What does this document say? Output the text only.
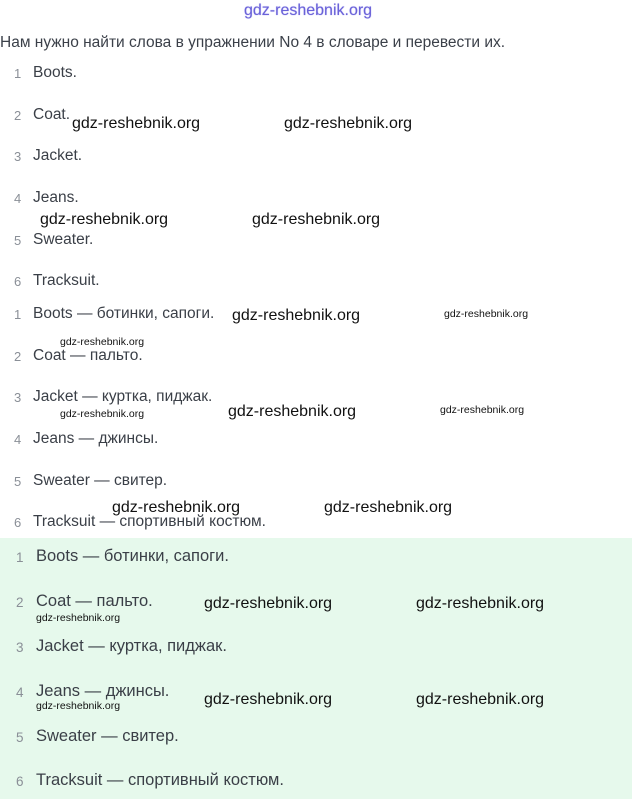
gdz-reshebnik.org
Нам нужно найти слова в упражнении No 4 в словаре и перевести их.
1 Boots.
2 Coat.
3 Jacket.
4 Jeans.
5 Sweater.
6 Tracksuit.
1 Boots — ботинки, сапоги.
2 Coat — пальто.
3 Jacket — куртка, пиджак.
4 Jeans — джинсы.
5 Sweater — свитер.
6 Tracksuit — спортивный костюм.
1 Boots — ботинки, сапоги.
2 Coat — пальто.
3 Jacket — куртка, пиджак.
4 Jeans — джинсы.
5 Sweater — свитер.
6 Tracksuit — спортивный костюм.
gdz-reshebnik.org	gdz-reshebnik.org
gdz-reshebnik.org	gdz-reshebnik.org
gdz-reshebnik.org	gdz-reshebnik.org
gdz-reshebnik.org
gdz-reshebnik.org	gdz-reshebnik.org	gdz-reshebnik.org
gdz-reshebnik.org	gdz-reshebnik.org
gdz-reshebnik.org	gdz-reshebnik.org
gdz-reshebnik.org
gdz-reshebnik.org	gdz-reshebnik.org
gdz-reshebnik.org
